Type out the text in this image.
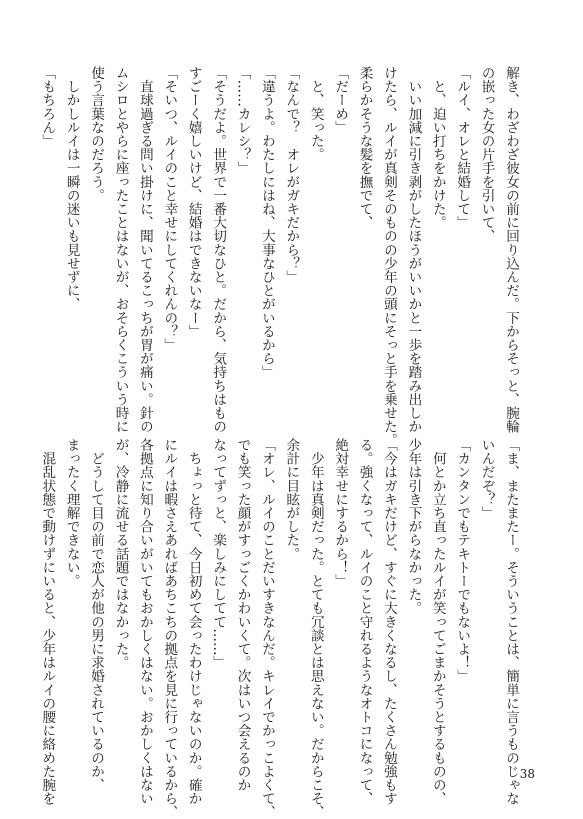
解き、わざわざ彼女の前に回り込んだ。下からそっと、腕輪
の嵌った女の片手を引いて、
「ルイ、オレと結婚して」
　と、迫い打ちをかけた。
　いい加減に引き剥がしたほうがいいかと一歩を踏み出しか
けたら、ルイが真剣そのものの少年の頭にそっと手を乗せた。
柔らかそうな髪を撫でて、
「だーめ」
　と、笑った。
「なんで？　オレがガキだから？」
「違うよ。わたしにはね、大事なひとがいるから」
「……カレシ？」
「そうだよ。世界で一番大切なひと。だから、気持ちはもの
すごーく嬉しいけど、結婚はできないなー」
「そいつ、ルイのこと幸せにしてくれんの？」
　直球過ぎる問い掛けに、聞いてるこっちが胃が痛い。針の
ムシロとやらに座ったことはないが、おそらくこういう時に
使う言葉なのだろう。
　しかしルイは一瞬の迷いも見せずに、
「もちろん」
「ま、またまたー。そういうことは、簡単に言うものじゃな
いんだぞ？」
「カンタンでもテキトーでもないよ！」
　何とか立ち直ったルイが笑ってごまかそうとするものの、
少年は引き下がらなかった。
「今はガキだけど、すぐに大きくなるし、たくさん勉強もす
る。強くなって、ルイのこと守れるようなオトコになって、
絶対幸せにするから！」
　少年は真剣だった。とても冗談とは思えない。だからこそ、
余計に目眩がした。
「オレ、ルイのことだいすきなんだ。キレイでかっこよくて、
でも笑った顔がすっごくかわいくて。次はいつ会えるのか
なってずっと、楽しみにしてて……」
　ちょっと待て、今日初めて会ったわけじゃないのか。確か
にルイは暇さえあればあちこちの拠点を見に行っているから、
各拠点に知り合いがいてもおかしくはない。おかしくはない
が、冷静に流せる話題ではなかった。
　どうして目の前で恋人が他の男に求婚されているのか、
まったく理解できない。
　混乱状態で動けずにいると、少年はルイの腰に絡めた腕を	38
